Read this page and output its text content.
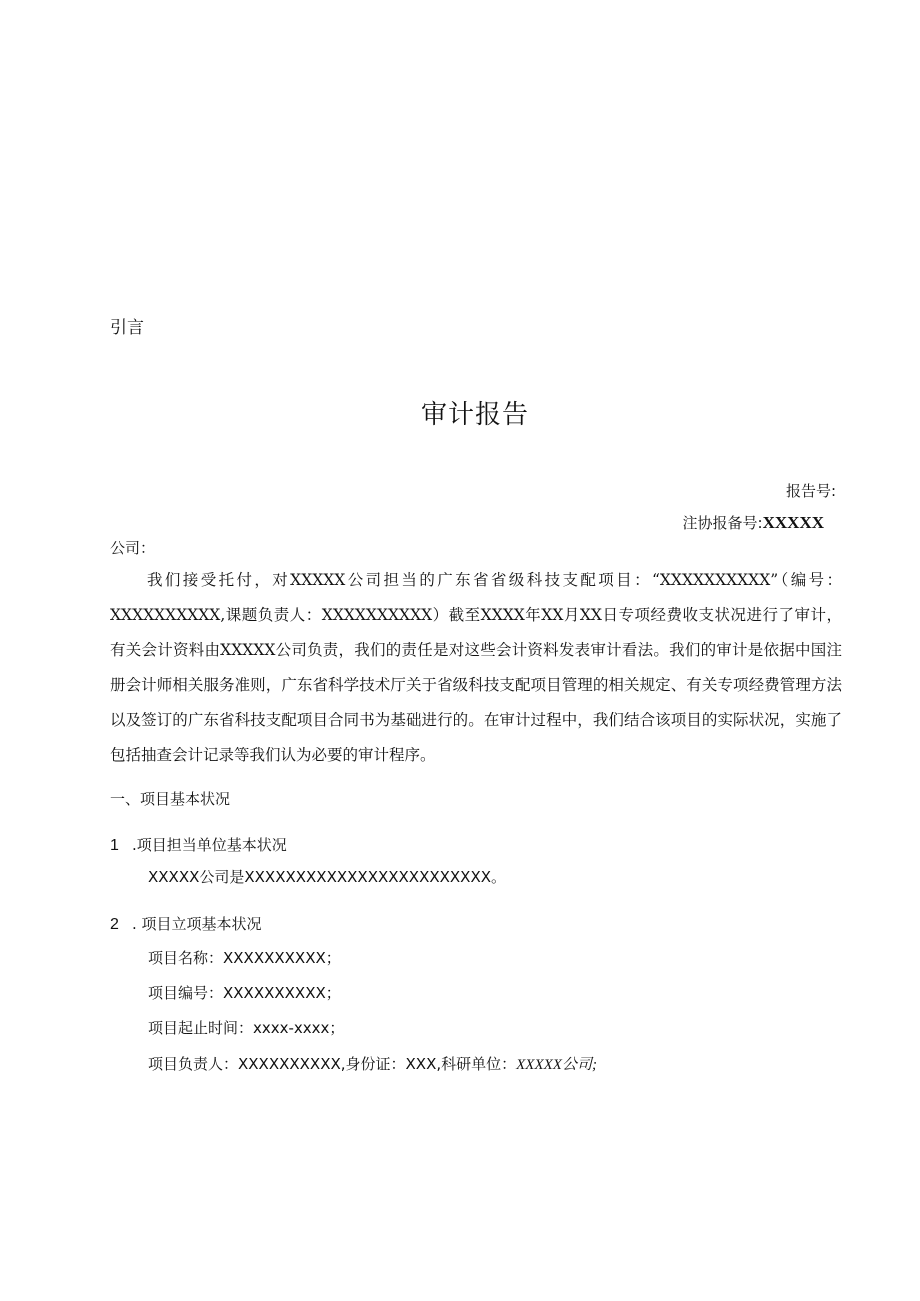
引言
审计报告
报告号:
注协报备号:XXXXX
公司：
我们接受托付，对XXXXX公司担当的广东省省级科技支配项目：“XXXXXXXXXX”（编号：XXXXXXXXXX,课题负责人：XXXXXXXXXX）截至XXXX年XX月XX日专项经费收支状况进行了审计，有关会计资料由XXXXX公司负责，我们的责任是对这些会计资料发表审计看法。我们的审计是依据中国注册会计师相关服务准则，广东省科学技术厅关于省级科技支配项目管理的相关规定、有关专项经费管理方法以及签订的广东省科技支配项目合同书为基础进行的。在审计过程中，我们结合该项目的实际状况，实施了包括抽查会计记录等我们认为必要的审计程序。
一、项目基本状况
1 .项目担当单位基本状况
XXXXX公司是XXXXXXXXXXXXXXXXXXXXXXXX。
2 . 项目立项基本状况
项目名称：XXXXXXXXXX；
项目编号：XXXXXXXXXX；
项目起止时间：xxxx-xxxx；
项目负责人：XXXXXXXXXX,身份证：XXX,科研单位：XXXXX公司;
